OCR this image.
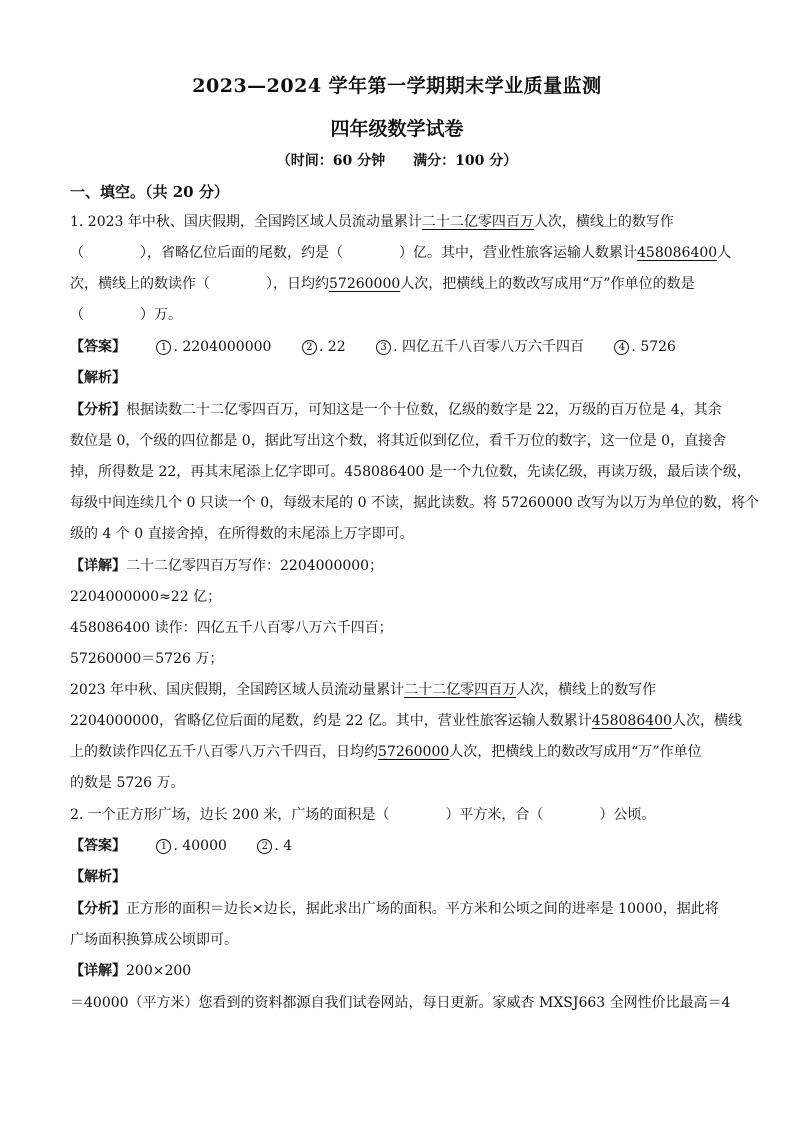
2023—2024 学年第一学期期末学业质量监测
四年级数学试卷
（时间：60 分钟 满分：100 分）
一、填空。（共 20 分）
1. 2023 年中秋、国庆假期，全国跨区域人员流动量累计二十二亿零四百万人次，横线上的数写作
（	），省略亿位后面的尾数，约是（	）亿。其中，营业性旅客运输人数累计458086400人
次，横线上的数读作（	），日均约57260000人次，把横线上的数改写成用“万”作单位的数是
（	）万。
【答案】	1 . 2204000000	2 . 22	3 . 四亿五千八百零八万六千四百	4 . 5726
【解析】
【分析】根据读数二十二亿零四百万，可知这是一个十位数，亿级的数字是 22，万级的百万位是 4，其余
数位是 0，个级的四位都是 0，据此写出这个数，将其近似到亿位，看千万位的数字，这一位是 0，直接舍
掉，所得数是 22，再其末尾添上亿字即可。458086400 是一个九位数，先读亿级，再读万级，最后读个级，
每级中间连续几个 0 只读一个 0，每级末尾的 0 不读，据此读数。将 57260000 改写为以万为单位的数，将个
级的 4 个 0 直接舍掉，在所得数的末尾添上万字即可。
【详解】二十二亿零四百万写作：2204000000；
2204000000≈22 亿；
458086400 读作：四亿五千八百零八万六千四百；
57260000＝5726 万；
2023 年中秋、国庆假期，全国跨区域人员流动量累计二十二亿零四百万人次，横线上的数写作
2204000000，省略亿位后面的尾数，约是 22 亿。其中，营业性旅客运输人数累计458086400人次，横线
上的数读作四亿五千八百零八万六千四百，日均约57260000人次，把横线上的数改写成用“万”作单位
的数是 5726 万。
2. 一个正方形广场，边长 200 米，广场的面积是（	）平方米，合（	）公顷。
【答案】	1 . 40000	2 . 4
【解析】
【分析】正方形的面积＝边长×边长，据此求出广场的面积。平方米和公顷之间的进率是 10000，据此将
广场面积换算成公顷即可。
【详解】200×200
＝40000（平方米）您看到的资料都源自我们试卷网站，每日更新。家威杏 MXSJ663 全网性价比最高＝4
